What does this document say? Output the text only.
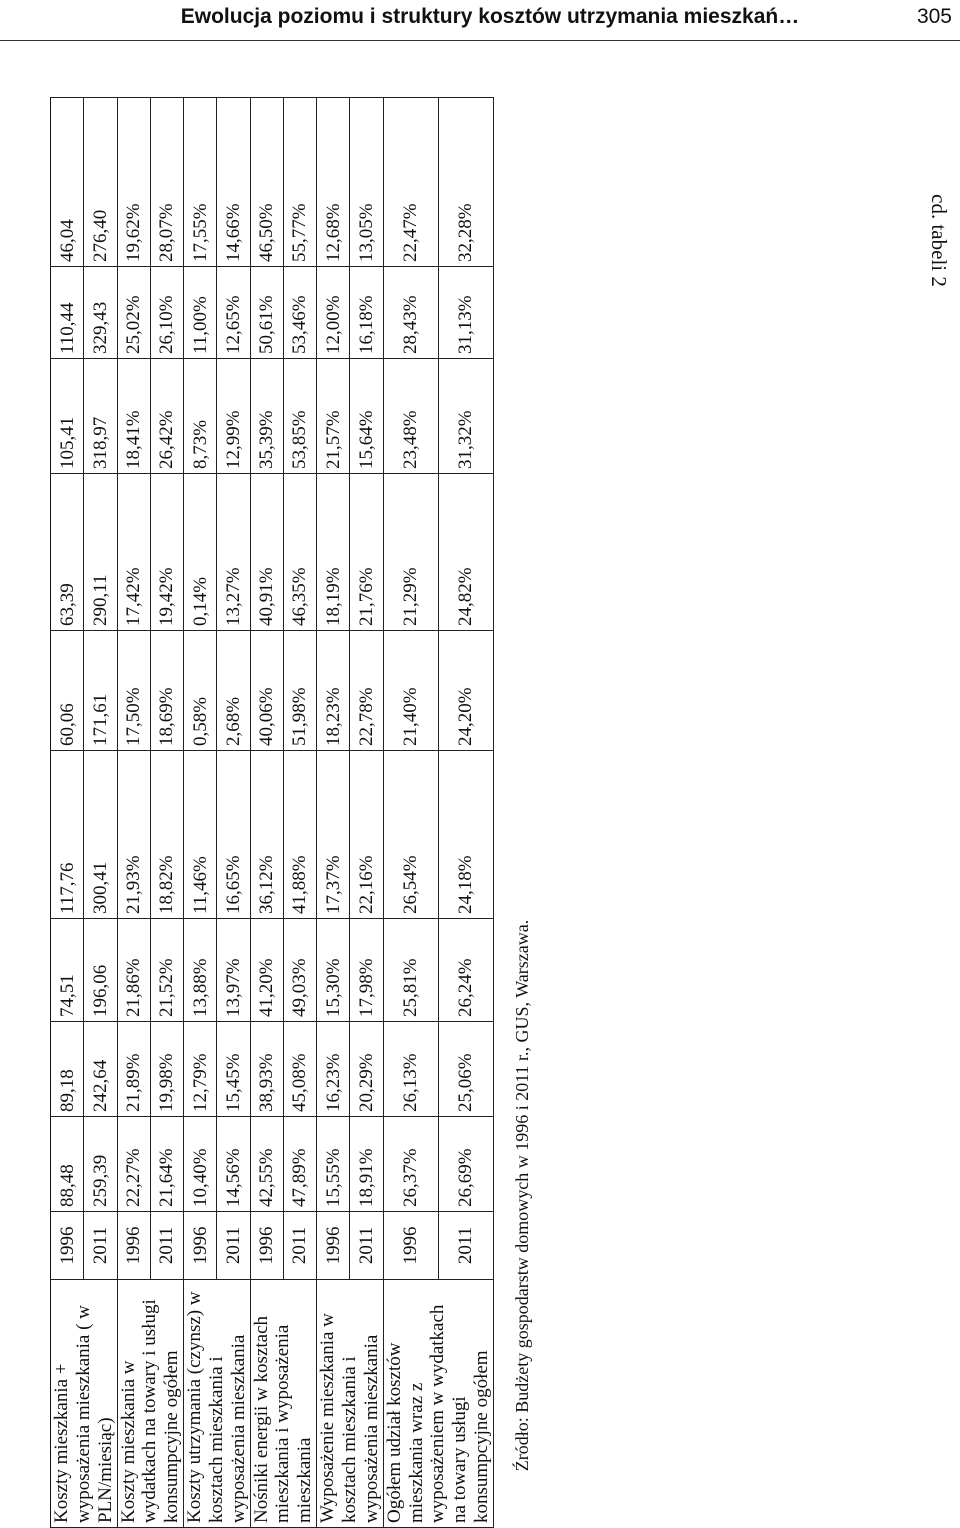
Ewolucja poziomu i struktury kosztów utrzymania mieszkań…	305
cd. tabeli 2
Koszty mieszkania + wyposażenia mieszkania ( w PLN/miesiąc)	1996	88,48	89,18	74,51	117,76	60,06	63,39	105,41	110,44	46,04
	2011	259,39	242,64	196,06	300,41	171,61	290,11	318,97	329,43	276,40
Koszty mieszkania w wydatkach na towary i usługi konsumpcyjne ogółem	1996	22,27%	21,89%	21,86%	21,93%	17,50%	17,42%	18,41%	25,02%	19,62%
	2011	21,64%	19,98%	21,52%	18,82%	18,69%	19,42%	26,42%	26,10%	28,07%
Koszty utrzymania (czynsz) w kosztach mieszkania i wyposażenia mieszkania	1996	10,40%	12,79%	13,88%	11,46%	0,58%	0,14%	8,73%	11,00%	17,55%
	2011	14,56%	15,45%	13,97%	16,65%	2,68%	13,27%	12,99%	12,65%	14,66%
Nośniki energii w kosztach mieszkania i wyposażenia mieszkania	1996	42,55%	38,93%	41,20%	36,12%	40,06%	40,91%	35,39%	50,61%	46,50%
	2011	47,89%	45,08%	49,03%	41,88%	51,98%	46,35%	53,85%	53,46%	55,77%
Wyposażenie mieszkania w kosztach mieszkania i wyposażenia mieszkania	1996	15,55%	16,23%	15,30%	17,37%	18,23%	18,19%	21,57%	12,00%	12,68%
	2011	18,91%	20,29%	17,98%	22,16%	22,78%	21,76%	15,64%	16,18%	13,05%
Ogółem udział kosztów mieszkania wraz z wyposażeniem w wydatkach na towary usługi konsumpcyjne ogółem	1996	26,37%	26,13%	25,81%	26,54%	21,40%	21,29%	23,48%	28,43%	22,47%
	2011	26,69%	25,06%	26,24%	24,18%	24,20%	24,82%	31,32%	31,13%	32,28%
Źródło: Budżety gospodarstw domowych w 1996 i 2011 r., GUS, Warszawa.
